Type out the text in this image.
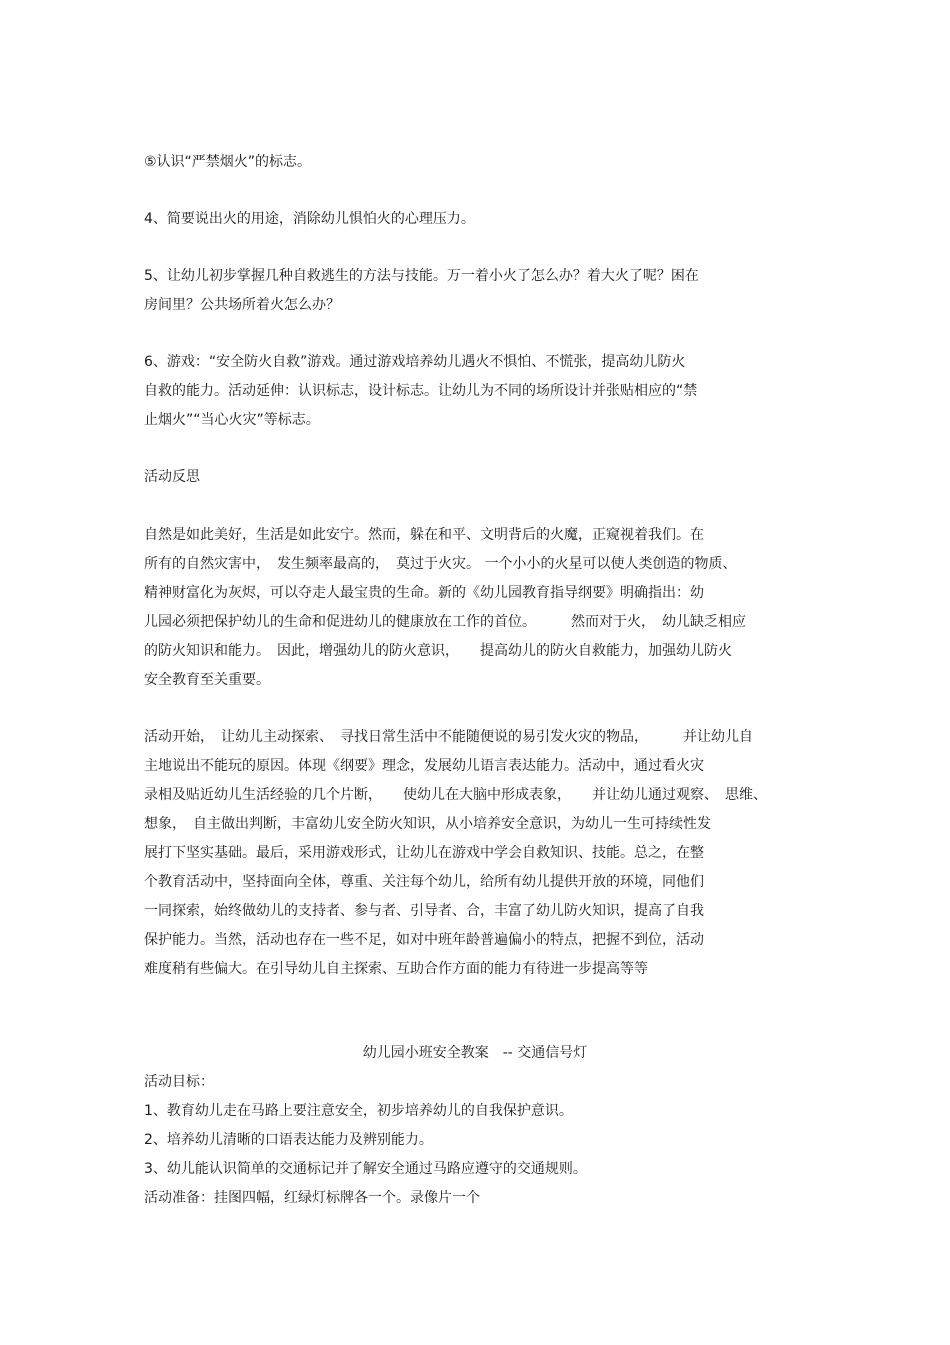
⑤认识“严禁烟火”的标志。
4、简要说出火的用途，消除幼儿惧怕火的心理压力。
5、让幼儿初步掌握几种自救逃生的方法与技能。万一着小火了怎么办？着大火了呢？困在
房间里？公共场所着火怎么办？
6、游戏：“安全防火自救”游戏。通过游戏培养幼儿遇火不惧怕、不慌张，提高幼儿防火
自救的能力。活动延伸：认识标志，设计标志。让幼儿为不同的场所设计并张贴相应的“禁
止烟火”“当心火灾”等标志。
活动反思
自然是如此美好，生活是如此安宁。然而，躲在和平、文明背后的火魔，正窥视着我们。在
所有的自然灾害中，　发生频率最高的，　莫过于火灾。 一个小小的火星可以使人类创造的物质、
精神财富化为灰烬，可以夺走人最宝贵的生命。新的《幼儿园教育指导纲要》明确指出：幼
儿园必须把保护幼儿的生命和促进幼儿的健康放在工作的首位。　　　然而对于火，　幼儿缺乏相应
的防火知识和能力。　因此，增强幼儿的防火意识，　　提高幼儿的防火自救能力，加强幼儿防火
安全教育至关重要。
活动开始，　让幼儿主动探索、　寻找日常生活中不能随便说的易引发火灾的物品，　　　并让幼儿自
主地说出不能玩的原因。体现《纲要》理念，发展幼儿语言表达能力。活动中，通过看火灾
录相及贴近幼儿生活经验的几个片断，　　使幼儿在大脑中形成表象，　　并让幼儿通过观察、　思维、
想象，　自主做出判断，丰富幼儿安全防火知识，从小培养安全意识，为幼儿一生可持续性发
展打下坚实基础。最后，采用游戏形式，让幼儿在游戏中学会自救知识、技能。总之，在整
个教育活动中，坚持面向全体，尊重、关注每个幼儿，给所有幼儿提供开放的环境，同他们
一同探索，始终做幼儿的支持者、参与者、引导者、合，丰富了幼儿防火知识，提高了自我
保护能力。当然，活动也存在一些不足，如对中班年龄普遍偏小的特点，把握不到位，活动
难度稍有些偏大。在引导幼儿自主探索、互助合作方面的能力有待进一步提高等等
幼儿园小班安全教案　-- 交通信号灯
活动目标：
1、教育幼儿走在马路上要注意安全，初步培养幼儿的自我保护意识。
2、培养幼儿清晰的口语表达能力及辨别能力。
3、幼儿能认识简单的交通标记并了解安全通过马路应遵守的交通规则。
活动准备：挂图四幅，红绿灯标牌各一个。录像片一个
